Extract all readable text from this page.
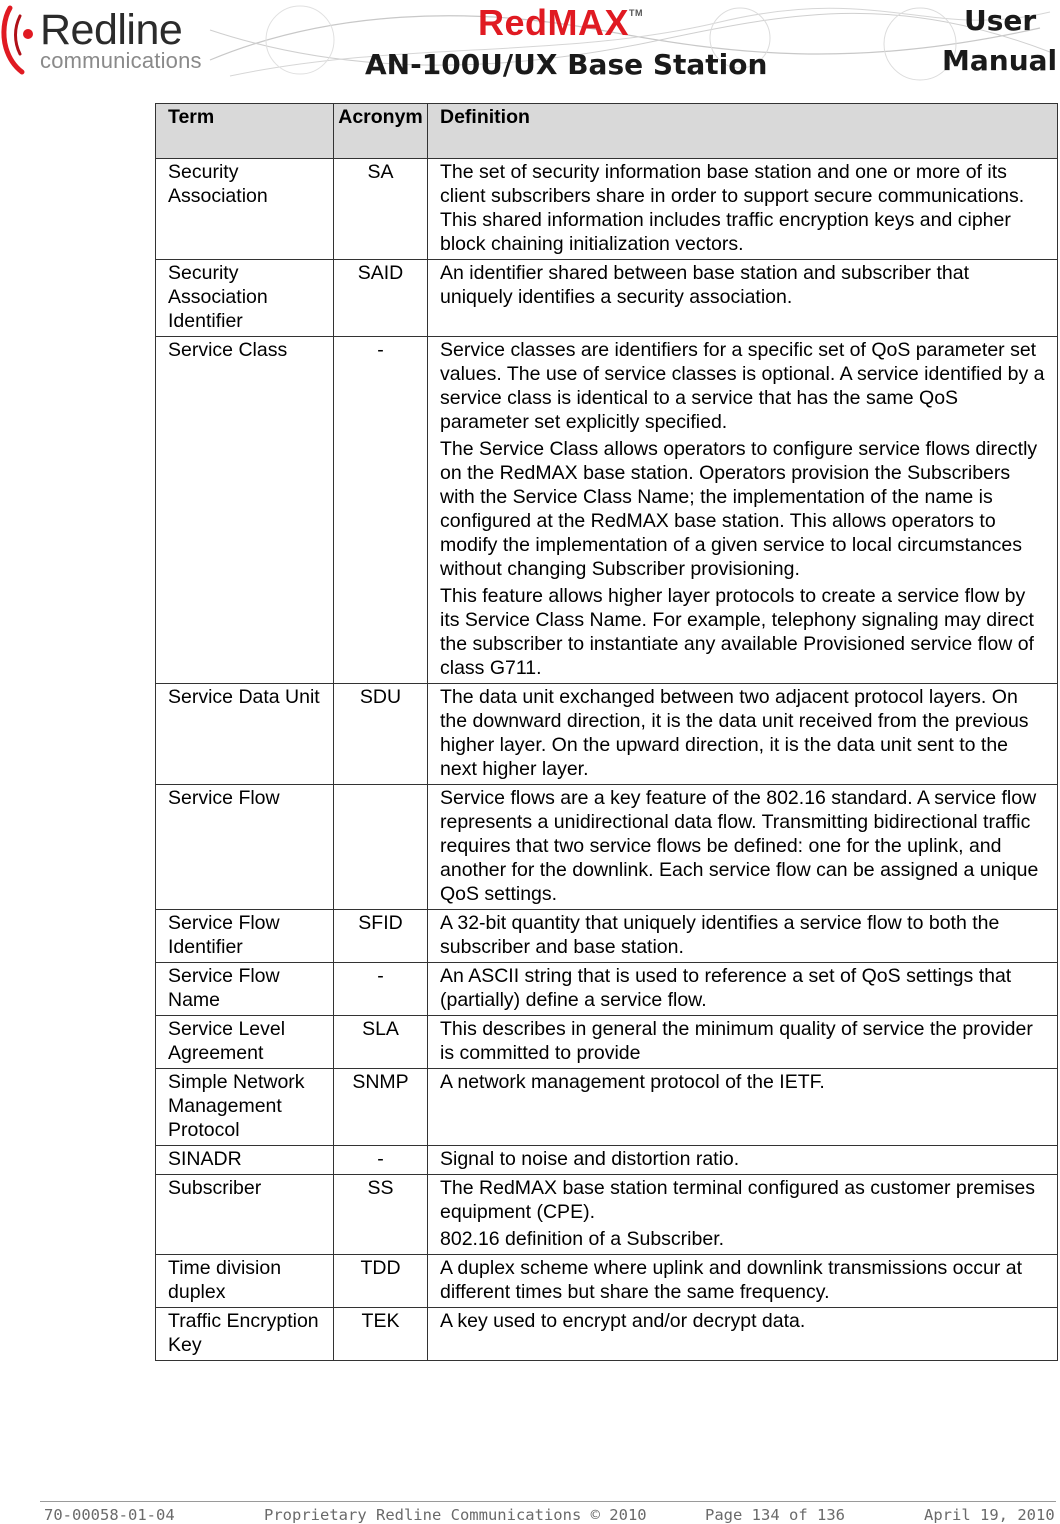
Redline
communications
RedMAX™
AN-100U/UX Base Station
User
Manual
Term	Acronym	Definition
Security Association	SA	The set of security information base station and one or more of its client subscribers share in order to support secure communications. This shared information includes traffic encryption keys and cipher block chaining initialization vectors.

Security Association Identifier	SAID	An identifier shared between base station and subscriber that uniquely identifies a security association.

Service Class	-	Service classes are identifiers for a specific set of QoS parameter set values. The use of service classes is optional. A service identified by a service class is identical to a service that has the same QoS parameter set explicitly specified.
The Service Class allows operators to configure service flows directly on the RedMAX base station. Operators provision the Subscribers with the Service Class Name; the implementation of the name is configured at the RedMAX base station. This allows operators to modify the implementation of a given service to local circumstances without changing Subscriber provisioning.
This feature allows higher layer protocols to create a service flow by its Service Class Name. For example, telephony signaling may direct the subscriber to instantiate any available Provisioned service flow of class G711.

Service Data Unit	SDU	The data unit exchanged between two adjacent protocol layers. On the downward direction, it is the data unit received from the previous higher layer. On the upward direction, it is the data unit sent to the next higher layer.

Service Flow		Service flows are a key feature of the 802.16 standard. A service flow represents a unidirectional data flow. Transmitting bidirectional traffic requires that two service flows be defined: one for the uplink, and another for the downlink. Each service flow can be assigned a unique QoS settings.

Service Flow Identifier	SFID	A 32-bit quantity that uniquely identifies a service flow to both the subscriber and base station.

Service Flow Name	-	An ASCII string that is used to reference a set of QoS settings that (partially) define a service flow.

Service Level Agreement	SLA	This describes in general the minimum quality of service the provider is committed to provide

Simple Network Management Protocol	SNMP	A network management protocol of the IETF.

SINADR	-	Signal to noise and distortion ratio.

Subscriber	SS	The RedMAX base station terminal configured as customer premises equipment (CPE).
802.16 definition of a Subscriber.

Time division duplex	TDD	A duplex scheme where uplink and downlink transmissions occur at different times but share the same frequency.

Traffic Encryption Key	TEK	A key used to encrypt and/or decrypt data.
70-00058-01-04	Proprietary Redline Communications © 2010	Page 134 of 136	April 19, 2010
